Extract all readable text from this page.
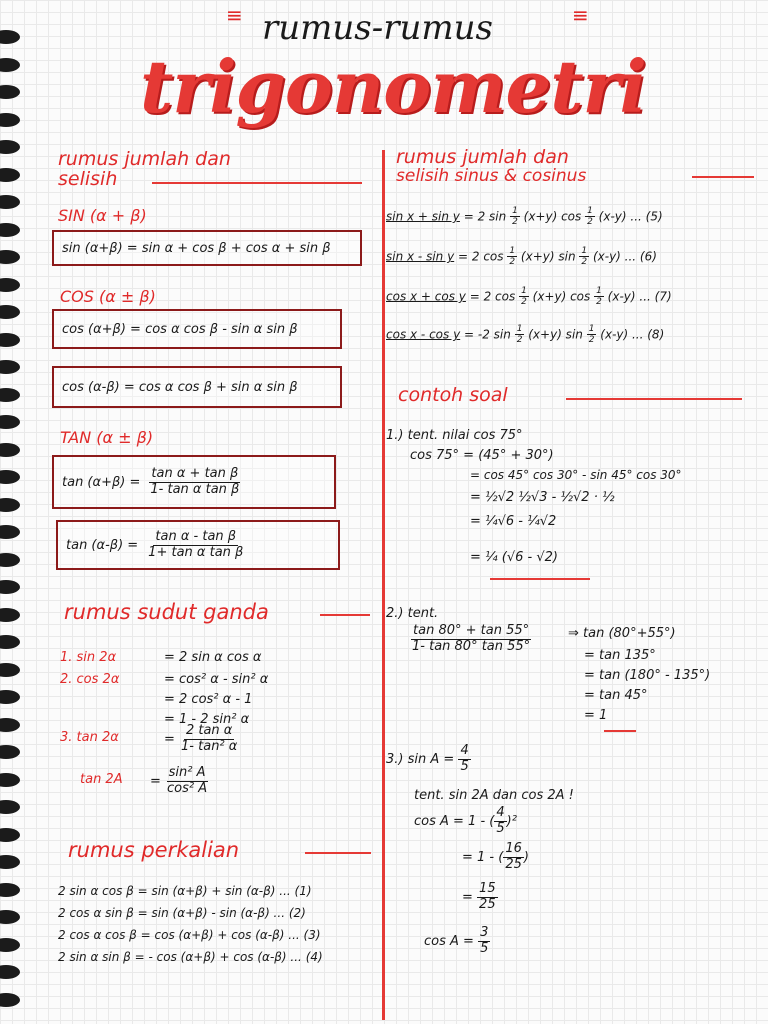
rumus-rumus
≡	≡
trigonometri
rumus jumlah dan
selisih
SIN (α + β)
sin (α+β) = sin α + cos β + cos α + sin β
COS (α ± β)
cos (α+β) = cos α cos β - sin α sin β
cos (α-β) = cos α cos β + sin α sin β
TAN (α ± β)
$\tan (\alpha+\beta) = \frac{\text{tan α + tan β}}{\text{1- tan α tan β}}$
$\tan (\alpha-\beta) = \frac{\text{tan α - tan β}}{\text{1+ tan α tan β}}$
rumus sudut ganda
1. sin 2α	= 2 sin α cos α
2. cos 2α	= cos² α - sin² α
= 2 cos² α - 1
= 1 - 2 sin² α
3. tan 2α	= $\frac{\text{2 tan α}}{\text{1- tan² α}}$
$\tan 2A = \frac{\text{sin² A}}{\text{cos² A}}$
rumus perkalian
2 sin α cos β = sin (α+β) + sin (α-β) ... (1)
2 cos α sin β = sin (α+β) - sin (α-β) ... (2)
2 cos α cos β = cos (α+β) + cos (α-β) ... (3)
2 sin α sin β = - cos (α+β) + cos (α-β) ... (4)
rumus jumlah dan
selisih sinus & cosinus
sin x + sin y = 2 $\sin \frac{1}{2} (x+y)$ $\cos \frac{1}{2} (x-y)$ ... (5)
sin x - sin y = 2 $\cos \frac{1}{2} (x+y)$ $\sin \frac{1}{2} (x-y)$ ... (6)
cos x + cos y = 2 $\cos \frac{1}{2} (x+y)$ $\cos \frac{1}{2} (x-y)$ ... (7)
cos x - cos y = -2 $\sin \frac{1}{2} (x+y)$ $\sin \frac{1}{2} (x-y)$ ... (8)
contoh soal
1.) tent. nilai cos 75°
cos 75° = (45° + 30°)
= cos 45° cos 30° - sin 45° cos 30°
= ½√2 ½√3 - ½√2 · ½
= ¼√6 - ¼√2
= ¼ (√6 - √2)
2.) tent.
$\frac{\tan 80^\circ + \tan 55^\circ}{1- \tan 80^\circ \tan 55^\circ}$	⇒ tan (80°+55°)
= tan 135°
= tan (180° - 135°)
= tan 45°
= 1
3.) $\sin A = \frac{4}{5}$
tent. sin 2A dan cos 2A !
cos A = 1 - ( $\frac{4}{5} )^2$
= 1 - ( $\frac{16}{25}$ )
= $\frac{15}{25}$
$\cos A = \frac{3}{5}$
